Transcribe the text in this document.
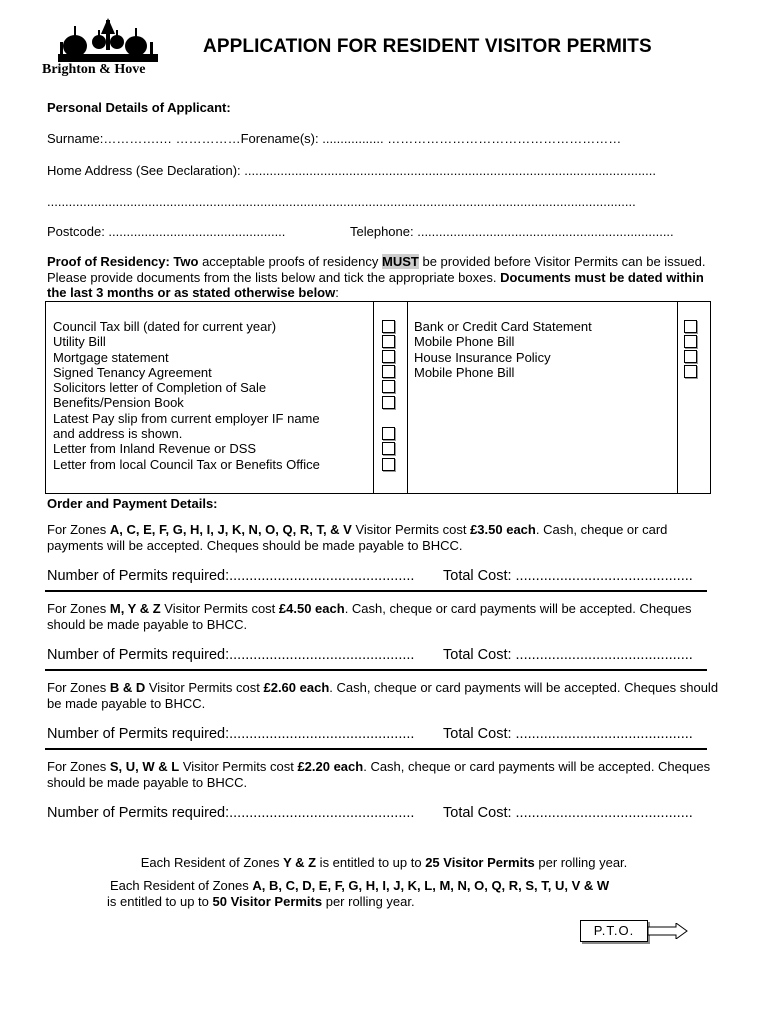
Brighton & Hove
APPLICATION FOR RESIDENT VISITOR PERMITS
Personal Details of Applicant:
Surname:………….… ……………Forename(s): ................. ………………………………………………
Home Address (See Declaration): ..................................................................................................................
...................................................................................................................................................................
Postcode: .................................................	Telephone: .......................................................................
Proof of Residency: Two acceptable proofs of residency MUST be provided before Visitor Permits can be issued. Please provide documents from the lists below and tick the appropriate boxes. Documents must be dated within the last 3 months or as stated otherwise below:
Council Tax bill (dated for current year)
Utility Bill
Mortgage statement
Signed Tenancy Agreement
Solicitors letter of Completion of Sale
Benefits/Pension Book
Latest Pay slip from current employer IF name
and address is shown.
Letter from Inland Revenue or DSS
Letter from local Council Tax or Benefits Office
Bank or Credit Card Statement
Mobile Phone Bill
House Insurance Policy
Mobile Phone Bill
Order and Payment Details:
For Zones A, C, E, F, G, H, I, J, K, N, O, Q, R, T, & V Visitor Permits cost £3.50 each. Cash, cheque or card payments will be accepted. Cheques should be made payable to BHCC.
Number of Permits required:.............................................. Total Cost: ............................................
For Zones M, Y & Z Visitor Permits cost £4.50 each. Cash, cheque or card payments will be accepted. Cheques should be made payable to BHCC.
Number of Permits required:.............................................. Total Cost: ............................................
For Zones B & D Visitor Permits cost £2.60 each. Cash, cheque or card payments will be accepted. Cheques should be made payable to BHCC.
Number of Permits required:.............................................. Total Cost: ............................................
For Zones S, U, W & L Visitor Permits cost £2.20 each. Cash, cheque or card payments will be accepted. Cheques should be made payable to BHCC.
Number of Permits required:.............................................. Total Cost: ............................................
Each Resident of Zones Y & Z is entitled to up to 25 Visitor Permits per rolling year.
Each Resident of Zones A, B, C, D, E, F, G, H, I, J, K, L, M, N, O, Q, R, S, T, U, V & W
is entitled to up to 50 Visitor Permits per rolling year.
P.T.O.
